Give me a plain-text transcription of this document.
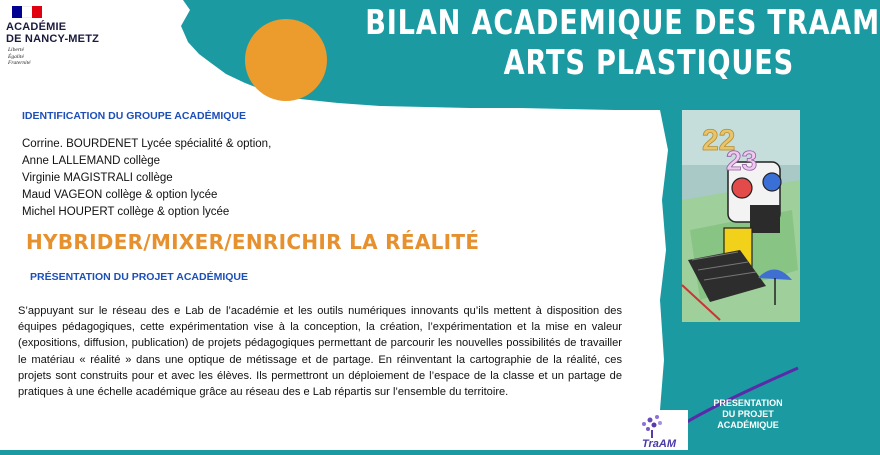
ACADÉMIE
DE NANCY-METZ
Liberté
Égalité
Fraternité
BILAN ACADEMIQUE DES TRAAM
ARTS PLASTIQUES
IDENTIFICATION DU GROUPE ACADÉMIQUE
Corrine. BOURDENET Lycée spécialité & option,
Anne LALLEMAND collège
Virginie MAGISTRALI collège
Maud VAGEON collège & option lycée
Michel HOUPERT collège & option lycée
HYBRIDER/MIXER/ENRICHIR LA RÉALITÉ
PRÉSENTATION DU PROJET ACADÉMIQUE
S’appuyant sur le réseau des e Lab de l’académie et les outils numériques innovants qu’ils mettent à disposition des équipes pédagogiques, cette expérimentation vise à la conception, la création, l’expérimentation et la mise en valeur (expositions, diffusion, publication) de projets pédagogiques permettant de parcourir les nouvelles possibilités de travailler le matériau « réalité » dans une optique de métissage et de partage. En réinventant la cartographie de la réalité, ces projets sont construits pour et avec les élèves. Ils permettront un déploiement de l’espace de la classe et un partage de pratiques à une échelle académique grâce au réseau des e Lab répartis sur l’ensemble du territoire.
22
23
TraAM
PRESENTATION
DU PROJET
ACADÉMIQUE
